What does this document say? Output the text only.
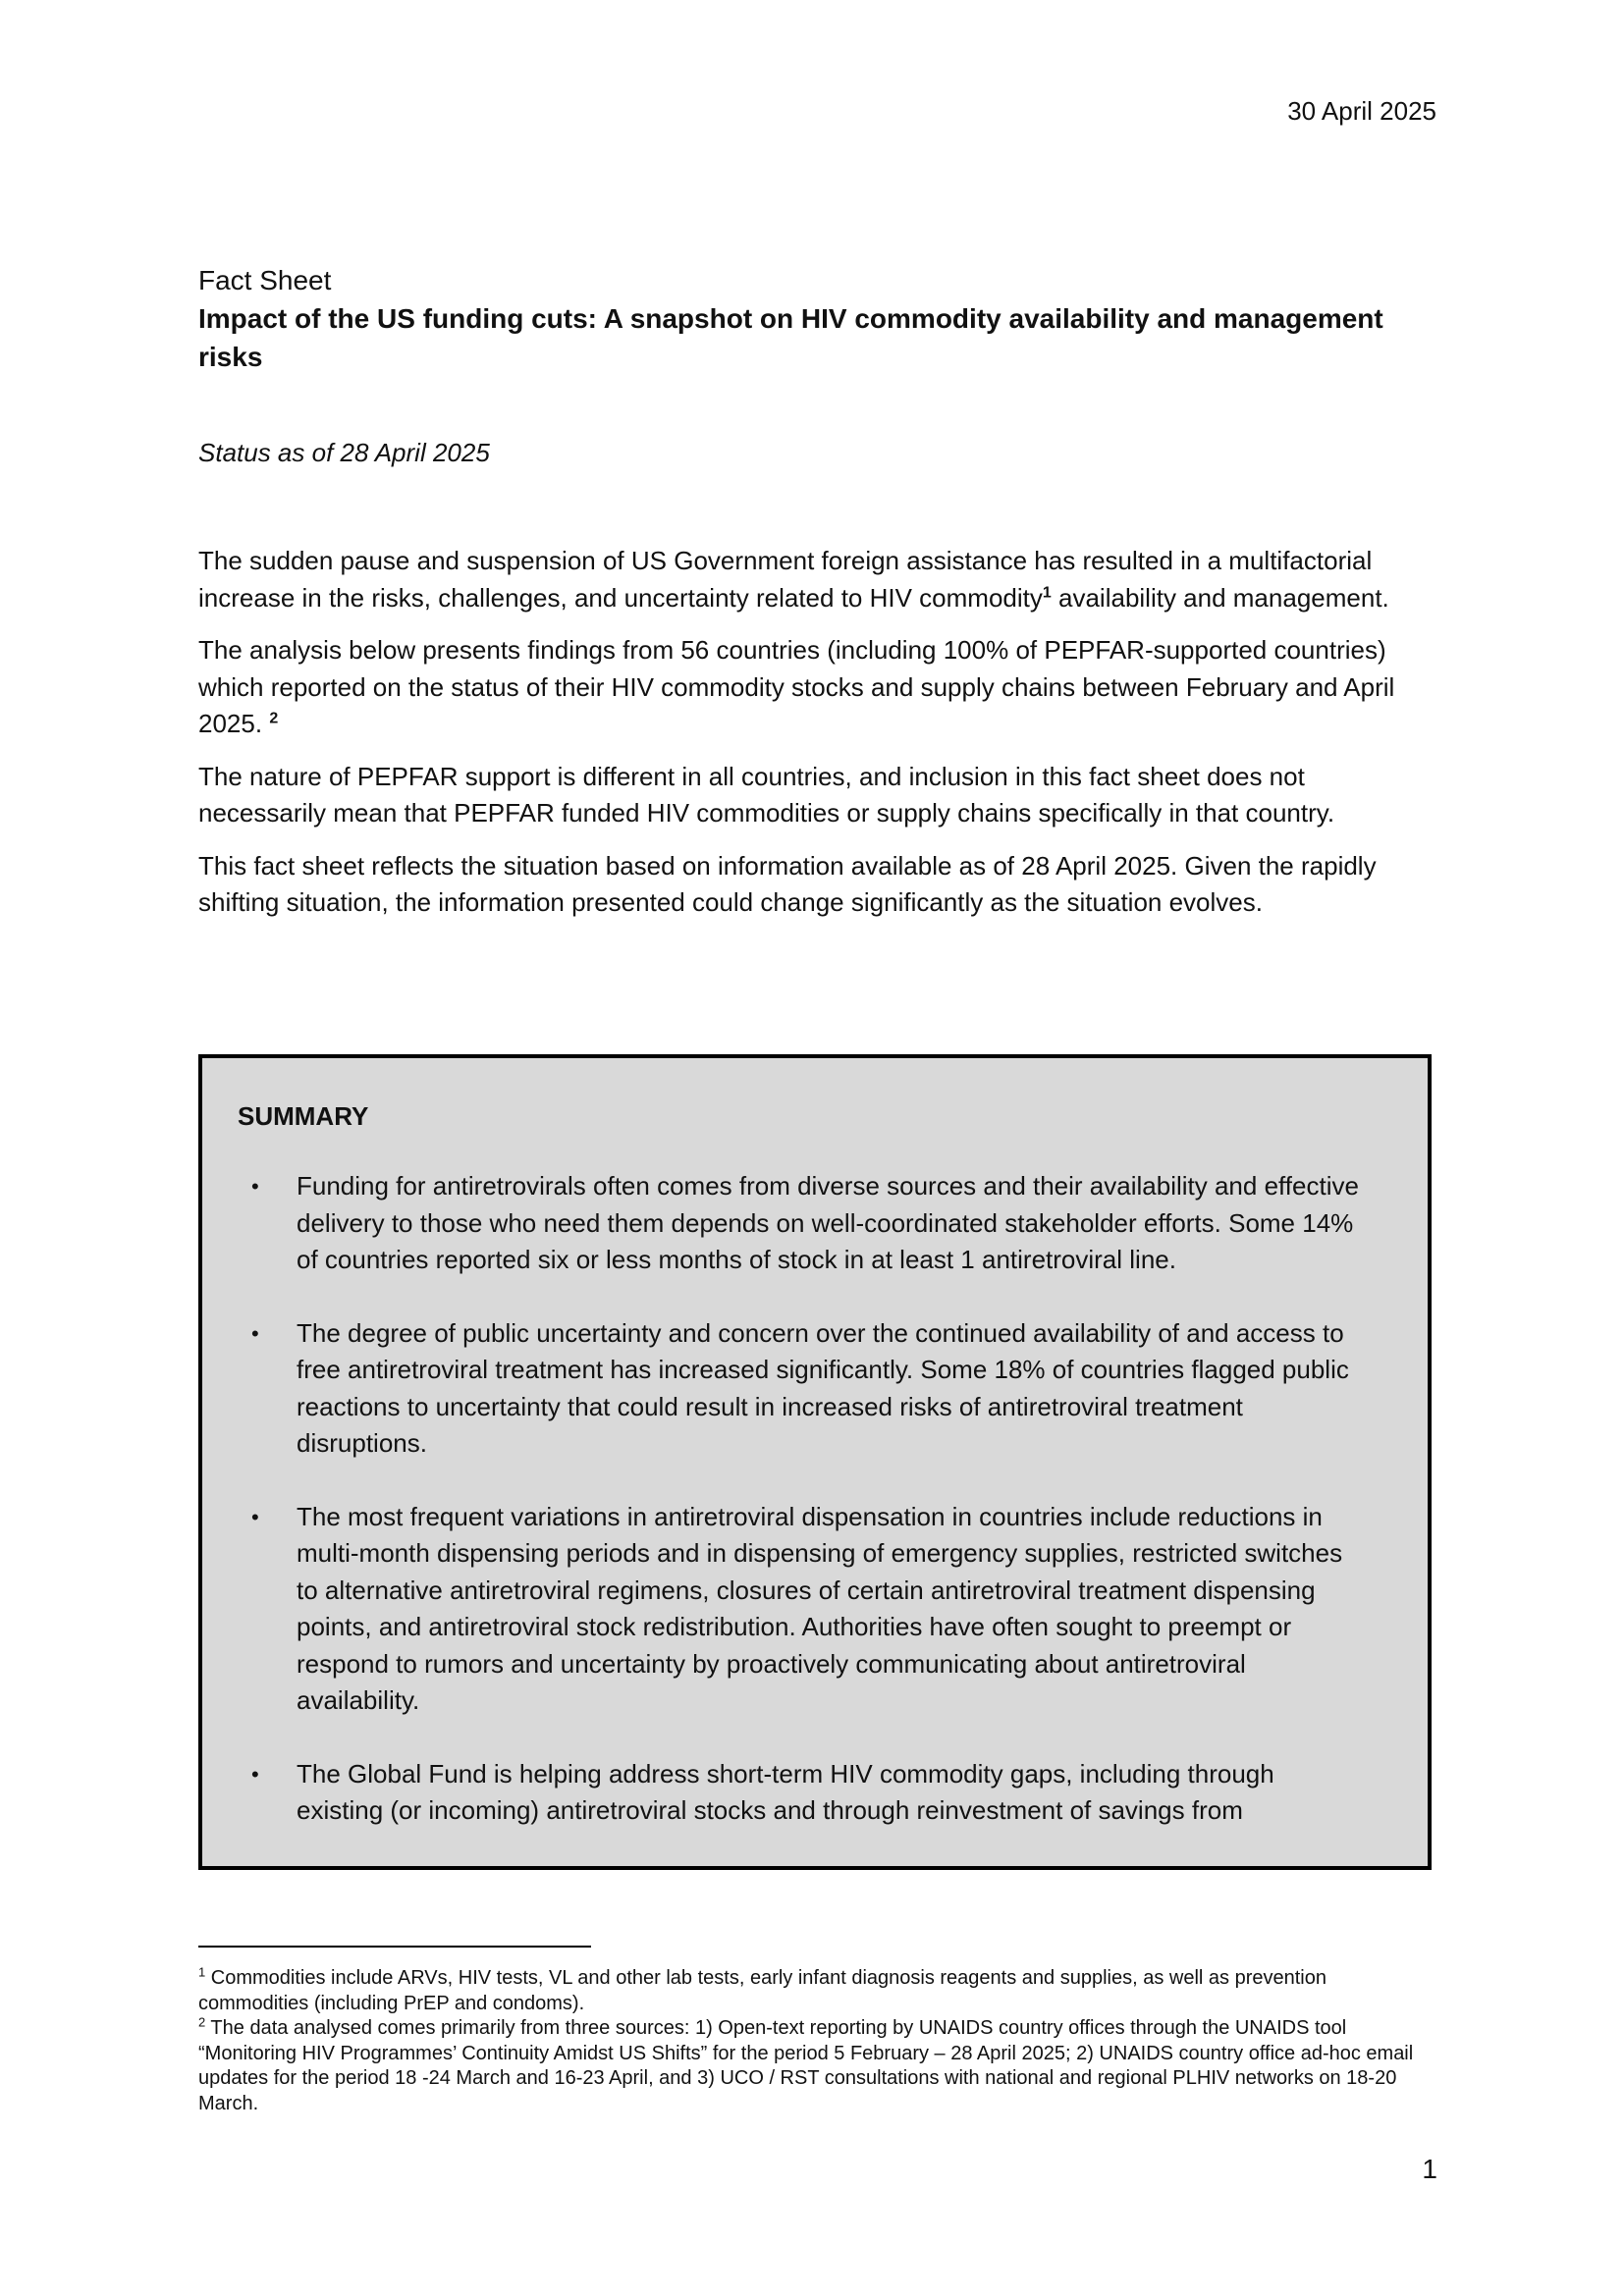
30 April 2025
Fact Sheet
Impact of the US funding cuts: A snapshot on HIV commodity availability and management risks
Status as of 28 April 2025

The sudden pause and suspension of US Government foreign assistance has resulted in a multifactorial increase in the risks, challenges, and uncertainty related to HIV commodity$^1$ availability and management.

The analysis below presents findings from 56 countries (including 100% of PEPFAR-supported countries) which reported on the status of their HIV commodity stocks and supply chains between February and April 2025. $^2$

The nature of PEPFAR support is different in all countries, and inclusion in this fact sheet does not necessarily mean that PEPFAR funded HIV commodities or supply chains specifically in that country.

This fact sheet reflects the situation based on information available as of 28 April 2025. Given the rapidly shifting situation, the information presented could change significantly as the situation evolves.

SUMMARY
• Funding for antiretrovirals often comes from diverse sources and their availability and effective delivery to those who need them depends on well-coordinated stakeholder efforts. Some 14% of countries reported six or less months of stock in at least 1 antiretroviral line.
• The degree of public uncertainty and concern over the continued availability of and access to free antiretroviral treatment has increased significantly. Some 18% of countries flagged public reactions to uncertainty that could result in increased risks of antiretroviral treatment disruptions.
• The most frequent variations in antiretroviral dispensation in countries include reductions in multi-month dispensing periods and in dispensing of emergency supplies, restricted switches to alternative antiretroviral regimens, closures of certain antiretroviral treatment dispensing points, and antiretroviral stock redistribution. Authorities have often sought to preempt or respond to rumors and uncertainty by proactively communicating about antiretroviral availability.
• The Global Fund is helping address short-term HIV commodity gaps, including through existing (or incoming) antiretroviral stocks and through reinvestment of savings from

$^1$ Commodities include ARVs, HIV tests, VL and other lab tests, early infant diagnosis reagents and supplies, as well as prevention commodities (including PrEP and condoms).

$^2$ The data analysed comes primarily from three sources: 1) Open-text reporting by UNAIDS country offices through the UNAIDS tool “Monitoring HIV Programmes’ Continuity Amidst US Shifts” for the period 5 February – 28 April 2025; 2) UNAIDS country office ad-hoc email updates for the period 18 -24 March and 16-23 April, and 3) UCO / RST consultations with national and regional PLHIV networks on 18-20 March.

1
